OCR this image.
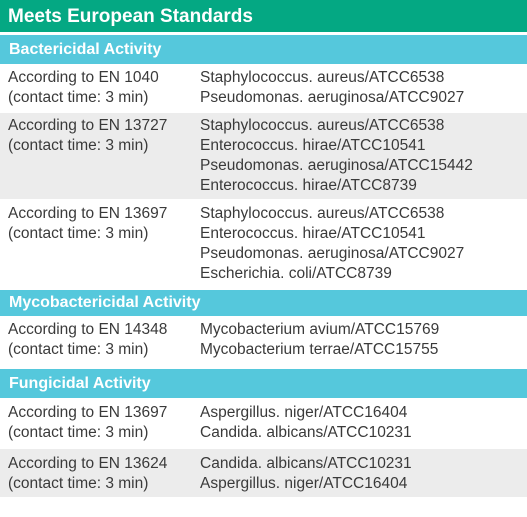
Meets European Standards
Bactericidal Activity
According to EN 1040
(contact time: 3 min)
Staphylococcus. aureus/ATCC6538
Pseudomonas. aeruginosa/ATCC9027
According to EN 13727
(contact time: 3 min)
Staphylococcus. aureus/ATCC6538
Enterococcus. hirae/ATCC10541
Pseudomonas. aeruginosa/ATCC15442
Enterococcus. hirae/ATCC8739
According to EN 13697
(contact time: 3 min)
Staphylococcus. aureus/ATCC6538
Enterococcus. hirae/ATCC10541
Pseudomonas. aeruginosa/ATCC9027
Escherichia. coli/ATCC8739
Mycobactericidal Activity
According to EN 14348
(contact time: 3 min)
Mycobacterium avium/ATCC15769
Mycobacterium terrae/ATCC15755
Fungicidal Activity
According to EN 13697
(contact time: 3 min)
Aspergillus. niger/ATCC16404
Candida. albicans/ATCC10231
According to EN 13624
(contact time: 3 min)
Candida. albicans/ATCC10231
Aspergillus. niger/ATCC16404
